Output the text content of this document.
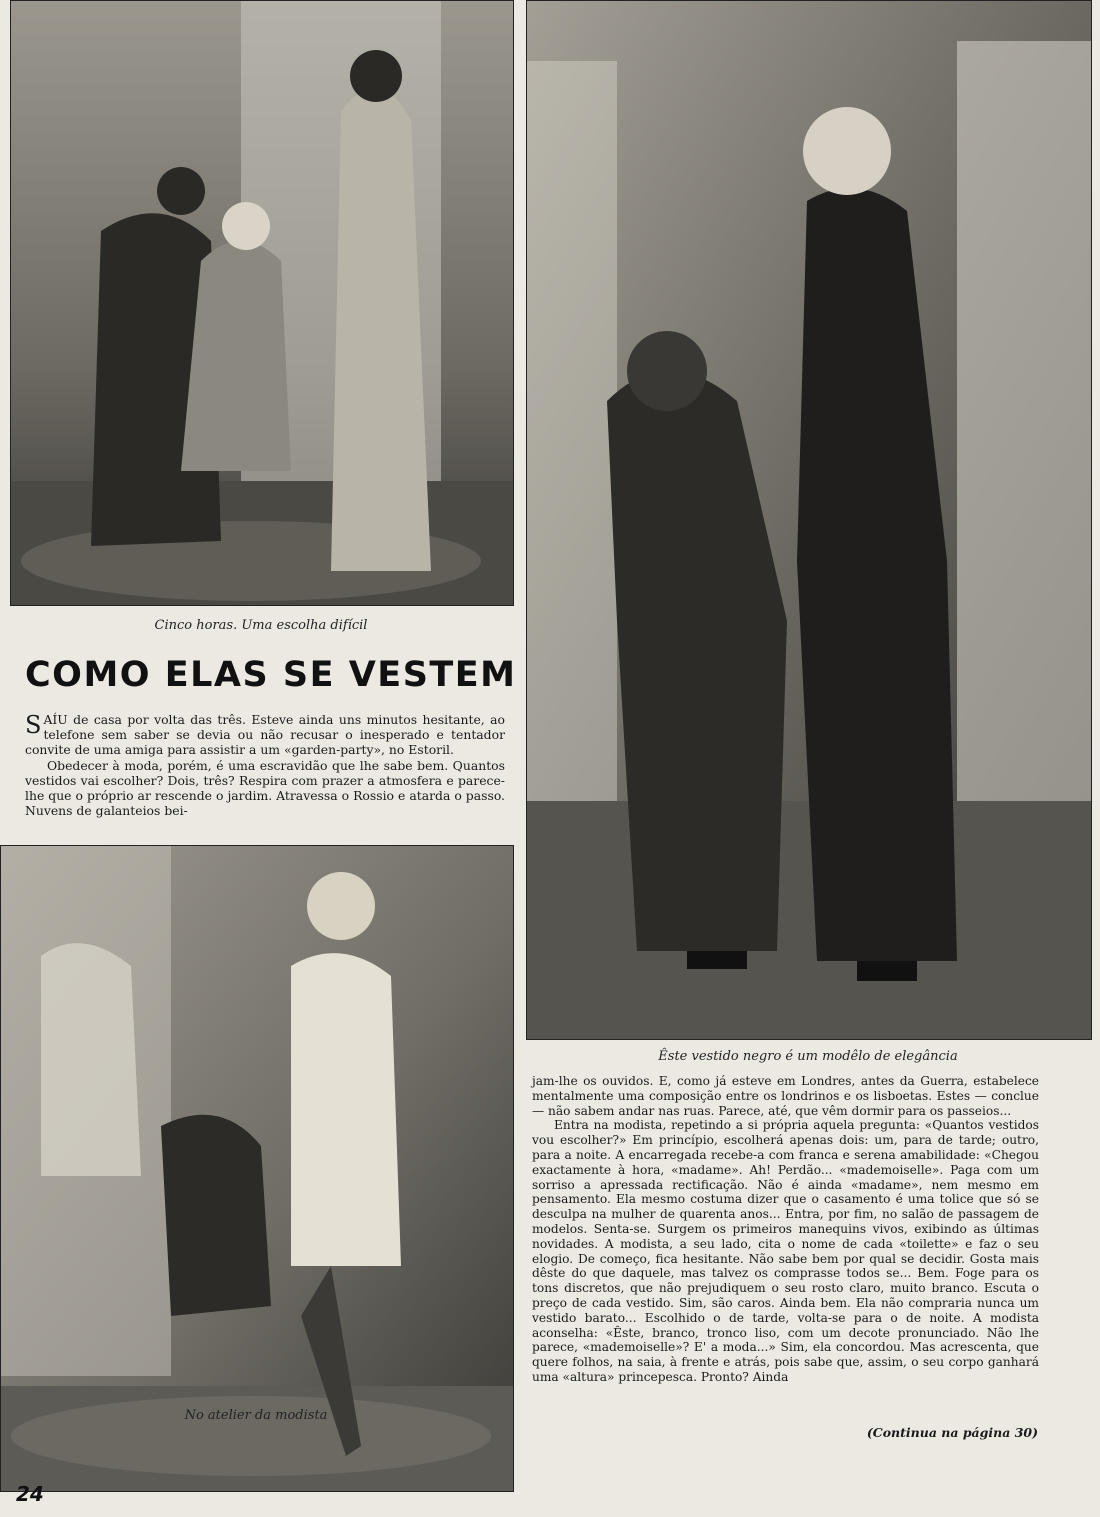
Cinco horas. Uma escolha difícil
Êste vestido negro é um modêlo de elegância
COMO ELAS SE VESTEM

SAÍU de casa por volta das três. Esteve ainda uns minutos hesitante, ao telefone sem saber se devia ou não recusar o inesperado e tentador convite de uma amiga para assistir a um «garden-party», no Estoril.

Obedecer à moda, porém, é uma escravidão que lhe sabe bem. Quantos vestidos vai escolher? Dois, três? Respira com prazer a atmosfera e parece-lhe que o próprio ar rescende o jardim. Atravessa o Rossio e atarda o passo. Nuvens de galanteios bei-

No atelier da modista

jam-lhe os ouvidos. E, como já esteve em Londres, antes da Guerra, estabelece mentalmente uma composição entre os londrinos e os lisboetas. Estes — conclue — não sabem andar nas ruas. Parece, até, que vêm dormir para os passeios...

Entra na modista, repetindo a si própria aquela pregunta: «Quantos vestidos vou escolher?» Em princípio, escolherá apenas dois: um, para de tarde; outro, para a noite. A encarregada recebe-a com franca e serena amabilidade: «Chegou exactamente à hora, «madame». Ah! Perdão... «mademoiselle». Paga com um sorriso a apressada rectificação. Não é ainda «madame», nem mesmo em pensamento. Ela mesmo costuma dizer que o casamento é uma tolice que só se desculpa na mulher de quarenta anos... Entra, por fim, no salão de passagem de modelos. Senta-se. Surgem os primeiros manequins vivos, exibindo as últimas novidades. A modista, a seu lado, cita o nome de cada «toilette» e faz o seu elogio. De começo, fica hesitante. Não sabe bem por qual se decidir. Gosta mais dêste do que daquele, mas talvez os comprasse todos se... Bem. Foge para os tons discretos, que não prejudiquem o seu rosto claro, muito branco. Escuta o preço de cada vestido. Sim, são caros. Ainda bem. Ela não compraria nunca um vestido barato... Escolhido o de tarde, volta-se para o de noite. A modista aconselha: «Êste, branco, tronco liso, com um decote pronunciado. Não lhe parece, «mademoiselle»? E' a moda...» Sim, ela concordou. Mas acrescenta, que quere folhos, na saia, à frente e atrás, pois sabe que, assim, o seu corpo ganhará uma «altura» princepesca. Pronto? Ainda

(Continua na página 30)
24
